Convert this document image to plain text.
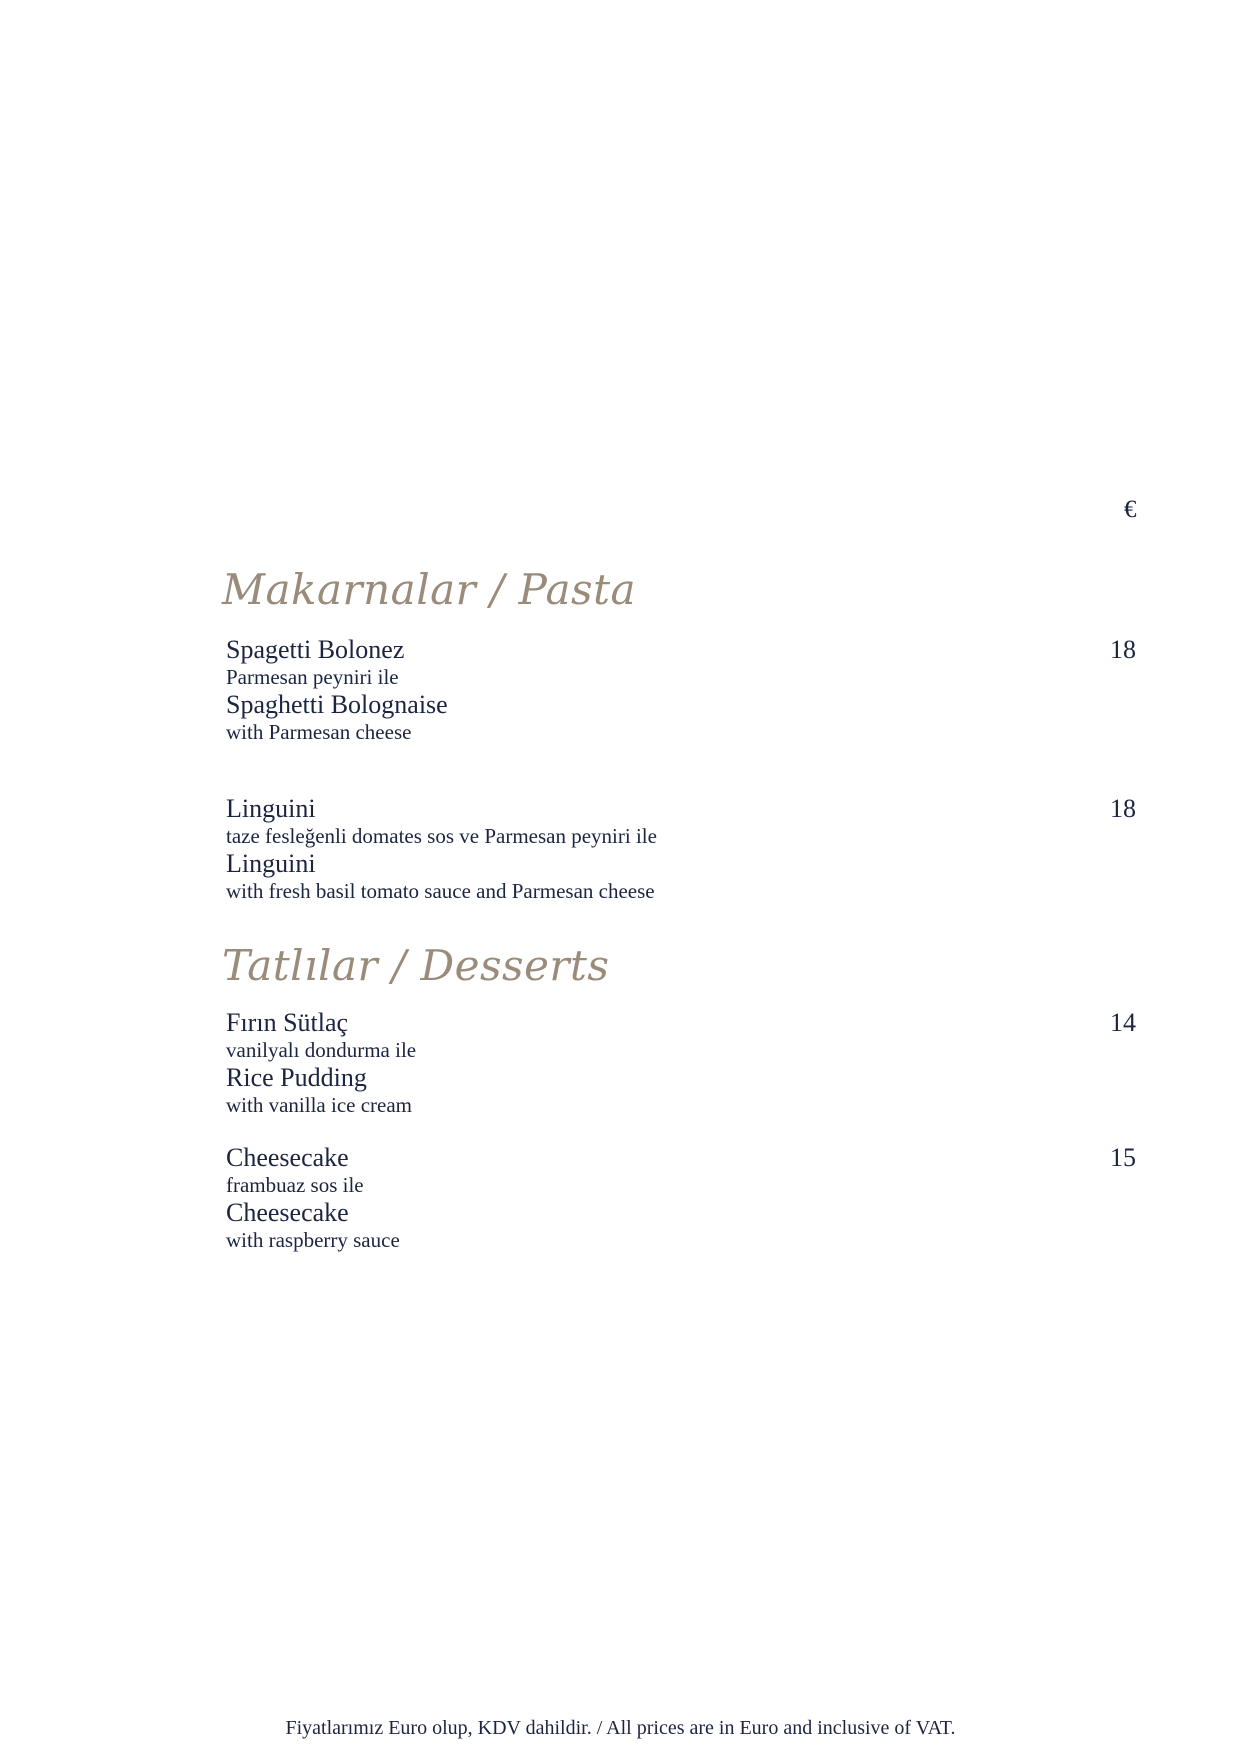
€
Makarnalar / Pasta
Spagetti Bolonez
Parmesan peyniri ile
Spaghetti Bolognaise
with Parmesan cheese
18
Linguini
taze fesleğenli domates sos ve Parmesan peyniri ile
Linguini
with fresh basil tomato sauce and Parmesan cheese
18
Tatlılar / Desserts
Fırın Sütlaç
vanilyalı dondurma ile
Rice Pudding
with vanilla ice cream
14
Cheesecake
frambuaz sos ile
Cheesecake
with raspberry sauce
15
Fiyatlarımız Euro olup, KDV dahildir. / All prices are in Euro and inclusive of VAT.
